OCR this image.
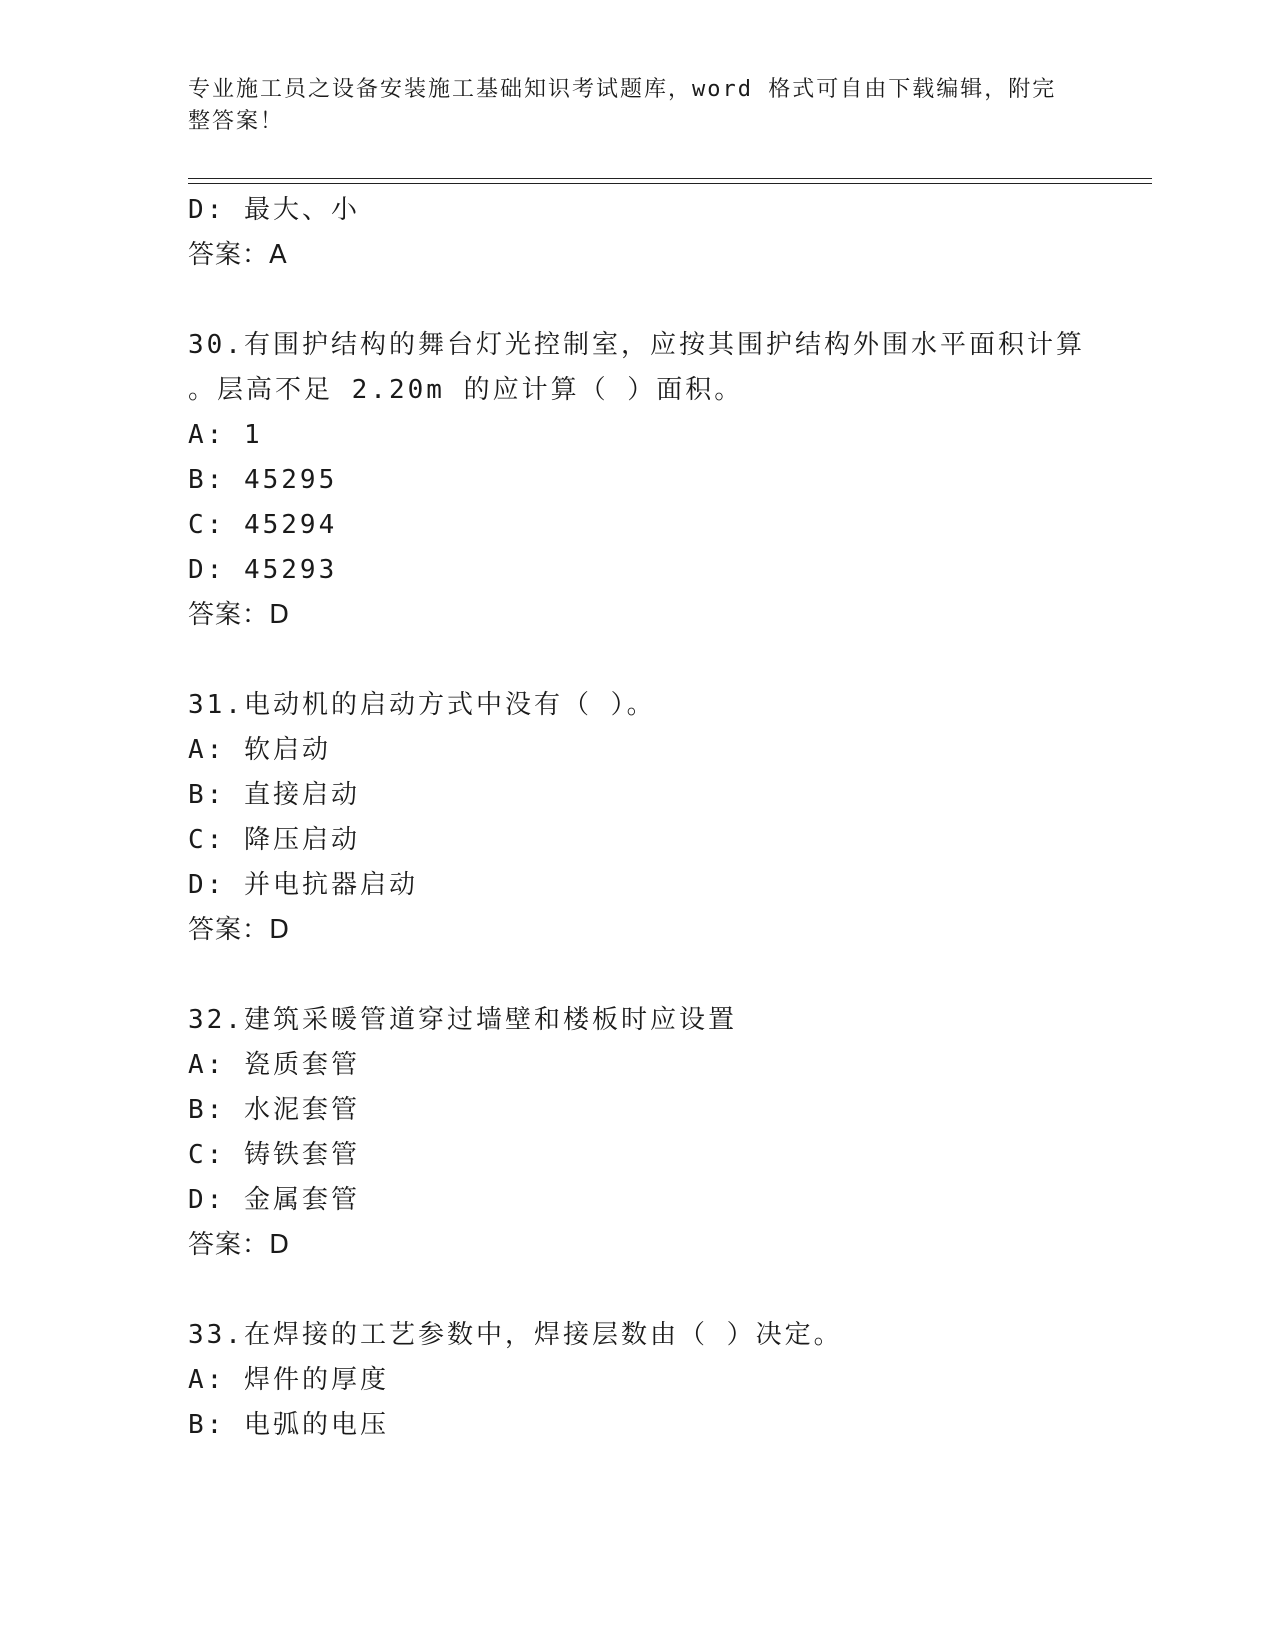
专业施工员之设备安装施工基础知识考试题库，word 格式可自由下载编辑，附完
整答案！
D: 最大、小
答案：A
30.有围护结构的舞台灯光控制室，应按其围护结构外围水平面积计算
。层高不足 2.20m 的应计算（ ）面积。
A: 1
B: 45295
C: 45294
D: 45293
答案：D
31.电动机的启动方式中没有（ ）。
A: 软启动
B: 直接启动
C: 降压启动
D: 并电抗器启动
答案：D
32.建筑采暖管道穿过墙壁和楼板时应设置
A: 瓷质套管
B: 水泥套管
C: 铸铁套管
D: 金属套管
答案：D
33.在焊接的工艺参数中，焊接层数由（ ）决定。
A: 焊件的厚度
B: 电弧的电压
